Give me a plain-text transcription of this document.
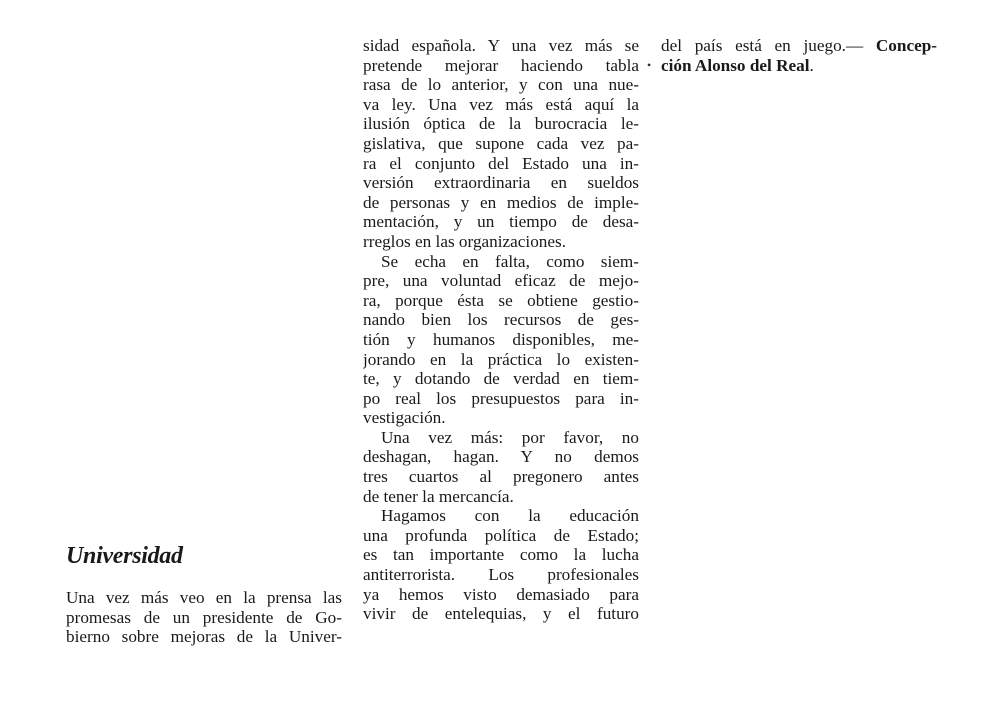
Universidad
Una vez más veo en la prensa las
promesas de un presidente de Go-
bierno sobre mejoras de la Univer-
sidad española. Y una vez más se
pretende mejorar haciendo tabla
rasa de lo anterior, y con una nue-
va ley. Una vez más está aquí la
ilusión óptica de la burocracia le-
gislativa, que supone cada vez pa-
ra el conjunto del Estado una in-
versión extraordinaria en sueldos
de personas y en medios de imple-
mentación, y un tiempo de desa-
rreglos en las organizaciones.
Se echa en falta, como siem-
pre, una voluntad eficaz de mejo-
ra, porque ésta se obtiene gestio-
nando bien los recursos de ges-
tión y humanos disponibles, me-
jorando en la práctica lo existen-
te, y dotando de verdad en tiem-
po real los presupuestos para in-
vestigación.
Una vez más: por favor, no
deshagan, hagan. Y no demos
tres cuartos al pregonero antes
de tener la mercancía.
Hagamos con la educación
una profunda política de Estado;
es tan importante como la lucha
antiterrorista. Los profesionales
ya hemos visto demasiado para
vivir de entelequias, y el futuro
•
del país está en juego.— Concep-
ción Alonso del Real.
